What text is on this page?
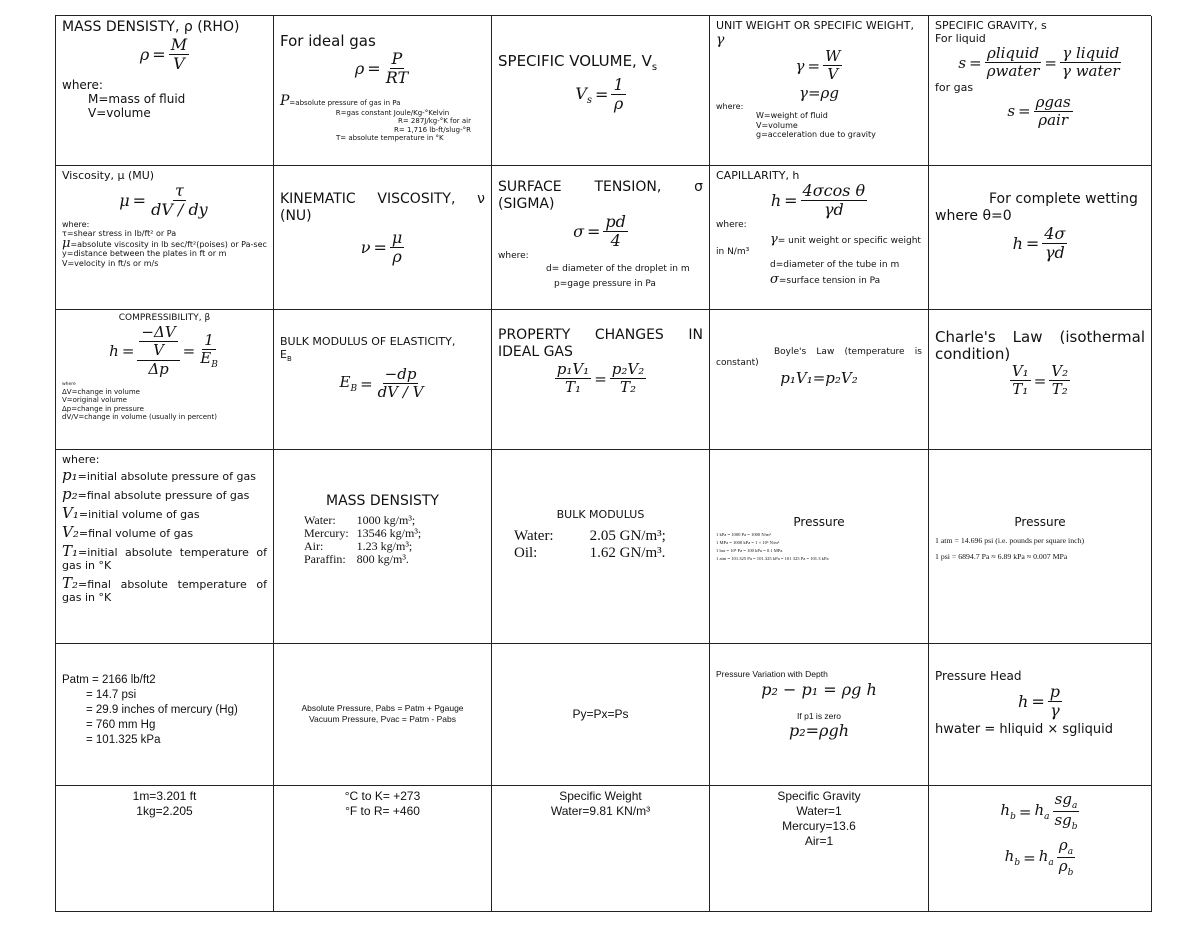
MASS DENSISTY, ρ (RHO)
$\rho = \frac{M}{V}$
where:
M=mass of fluid
V=volume
For ideal gas
$\rho = \frac{P}{RT}$
P=absolute pressure of gas in Pa
R=gas constant Joule/Kg-°Kelvin
R= 287J/kg-°K for air
R= 1,716 lb-ft/slug-°R
T= absolute temperature in °K
SPECIFIC VOLUME, $V_s$
$V_s = \frac{1}{\rho}$
UNIT WEIGHT OR SPECIFIC WEIGHT,
γ
$\gamma = \frac{W}{V}$
γ=ρg
where:
W=weight of fluid
V=volume
g=acceleration due to gravity
SPECIFIC GRAVITY, s
For liquid
$s = \frac{\text{ρliquid}}{\text{ρwater}} = \frac{\text{γ liquid}}{\text{γ water}}$
for gas
$s = \frac{\text{ρgas}}{\text{ρair}}$
Viscosity, μ (MU)
$\mu = \frac{\tau}{dV / dy}$
where:
τ=shear stress in lb/ft² or Pa
μ=absolute viscosity in lb sec/ft²(poises) or Pa-sec
y=distance between the plates in ft or m
V=velocity in ft/s or m/s
KINEMATIC VISCOSITY, ν (NU)
$\nu = \frac{\mu}{\rho}$
SURFACE TENSION, σ (SIGMA)
$\sigma = \frac{pd}{4}$
where:
d= diameter of the droplet in m
p=gage pressure in Pa
CAPILLARITY, h
$h = \frac{\text{4σcos θ}}{\gamma d}$
where:
γ= unit weight or specific weight in N/m³
d=diameter of the tube in m
σ=surface tension in Pa
For complete wetting where θ=0
$h = \frac{4\sigma}{\gamma d}$
COMPRESSIBILITY, β
$h = \frac{\frac{-\Delta V}{V}}{\Delta p} = \frac{1}{E_B}$
where
ΔV=change in volume
V=original volume
Δp=change in pressure
dV/V=change in volume (usually in percent)
BULK MODULUS OF ELASTICITY,
$E_B$
$E_B = \frac{-dp}{dV / V}$
PROPERTY CHANGES IN IDEAL GAS
$\frac{\text{p₁V₁}}{\text{T₁}} = \frac{\text{p₂V₂}}{\text{T₂}}$
Boyle's Law (temperature is constant)
p₁V₁=p₂V₂
Charle's Law (isothermal condition)
$\frac{\text{V₁}}{\text{T₁}} = \frac{\text{V₂}}{\text{T₂}}$
where:
p₁=initial absolute pressure of gas
p₂=final absolute pressure of gas
V₁=initial volume of gas
V₂=final volume of gas
T₁=initial absolute temperature of gas in °K
T₂=final absolute temperature of gas in °K
MASS DENSISTY
Water:	1000 kg/m³;
Mercury:	13546 kg/m³;
Air:	1.23 kg/m³;
Paraffin:	800 kg/m³.
BULK MODULUS
Water:	2.05 GN/m³;
Oil:	1.62 GN/m³.
Pressure
1 kPa = 1000 Pa = 1000 N/m²
1 MPa = 1000 kPa = 1 × 10⁶ N/m²
1 bar = 10⁵ Pa = 100 kPa = 0.1 MPa
1 atm = 101.325 Pa = 101.325 kPa = 101 325 Pa = 101.3 kPa
Pressure
1 atm = 14.696 psi (i.e. pounds per square inch)
1 psi = 6894.7 Pa ≈ 6.89 kPa ≈ 0.007 MPa
Patm = 2166 lb/ft2
= 14.7 psi
= 29.9 inches of mercury (Hg)
= 760 mm Hg
= 101.325 kPa
Absolute Pressure, Pabs = Patm + Pgauge
Vacuum Pressure, Pvac = Patm - Pabs	Py=Px=Ps
Pressure Variation with Depth
p₂ − p₁ = ρg h
If p1 is zero
p₂=ρgh
Pressure Head
$h = \frac{p}{\gamma}$
hwater = hliquid × sgliquid
1m=3.201 ft
1kg=2.205
°C to K= +273
°F to R= +460
Specific Weight
Water=9.81 KN/m³
Specific Gravity
Water=1
Mercury=13.6
Air=1
$h_b = h_a \frac{sg_a}{sg_b}$
$h_b = h_a \frac{\rho_a}{\rho_b}$
